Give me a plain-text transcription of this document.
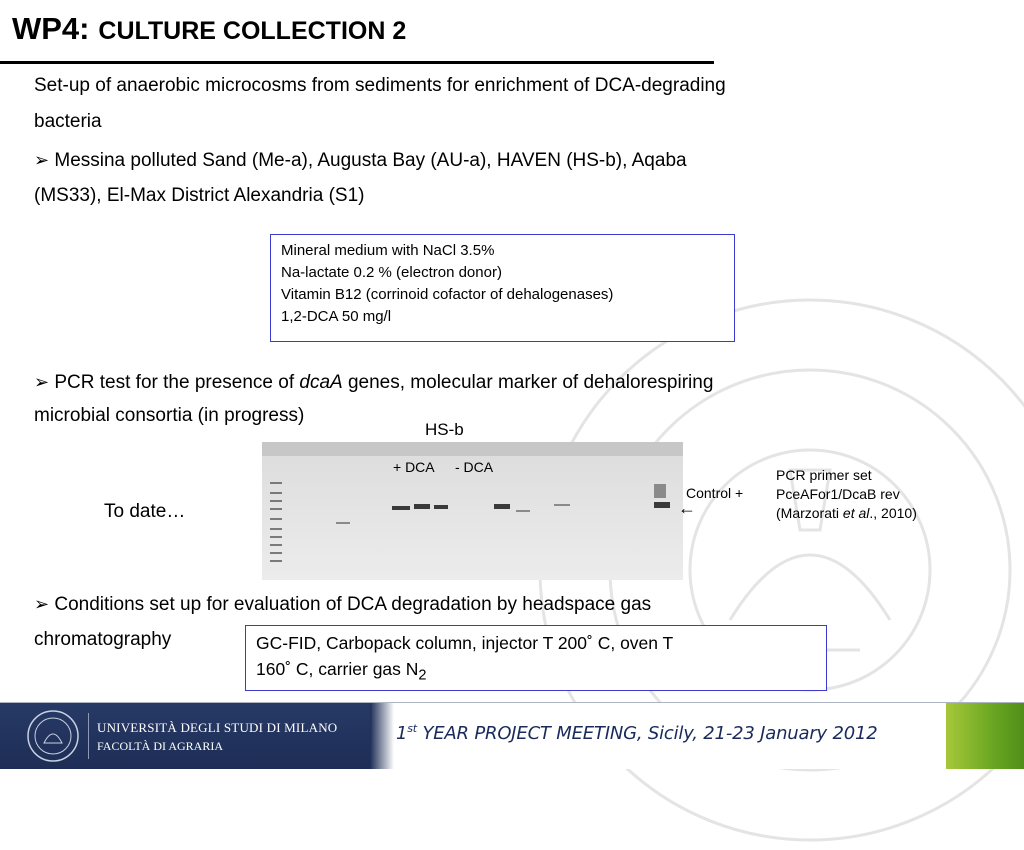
WP4: CULTURE COLLECTION 2
Set-up of anaerobic microcosms from sediments for enrichment of DCA-degrading
bacteria
➢ Messina polluted Sand (Me-a), Augusta Bay (AU-a), HAVEN (HS-b), Aqaba
(MS33), El-Max District Alexandria (S1)
Mineral medium with NaCl 3.5%
Na-lactate 0.2 % (electron donor)
Vitamin B12 (corrinoid cofactor of dehalogenases)
1,2-DCA 50 mg/l
➢ PCR test for the presence of dcaA genes, molecular marker of dehalorespiring
microbial consortia (in progress)
HS-b
+ DCA - DCA
Control +
←
PCR primer set
PceAFor1/DcaB rev
(Marzorati et al., 2010)
To date…
➢ Conditions set up for evaluation of DCA degradation by headspace gas
chromatography	GC-FID, Carbopack column, injector T 200˚ C, oven T
160˚ C, carrier gas $N_2$
UNIVERSITÀ DEGLI STUDI DI MILANO
FACOLTÀ DI AGRARIA
1st YEAR PROJECT MEETING, Sicily, 21-23 January 2012
